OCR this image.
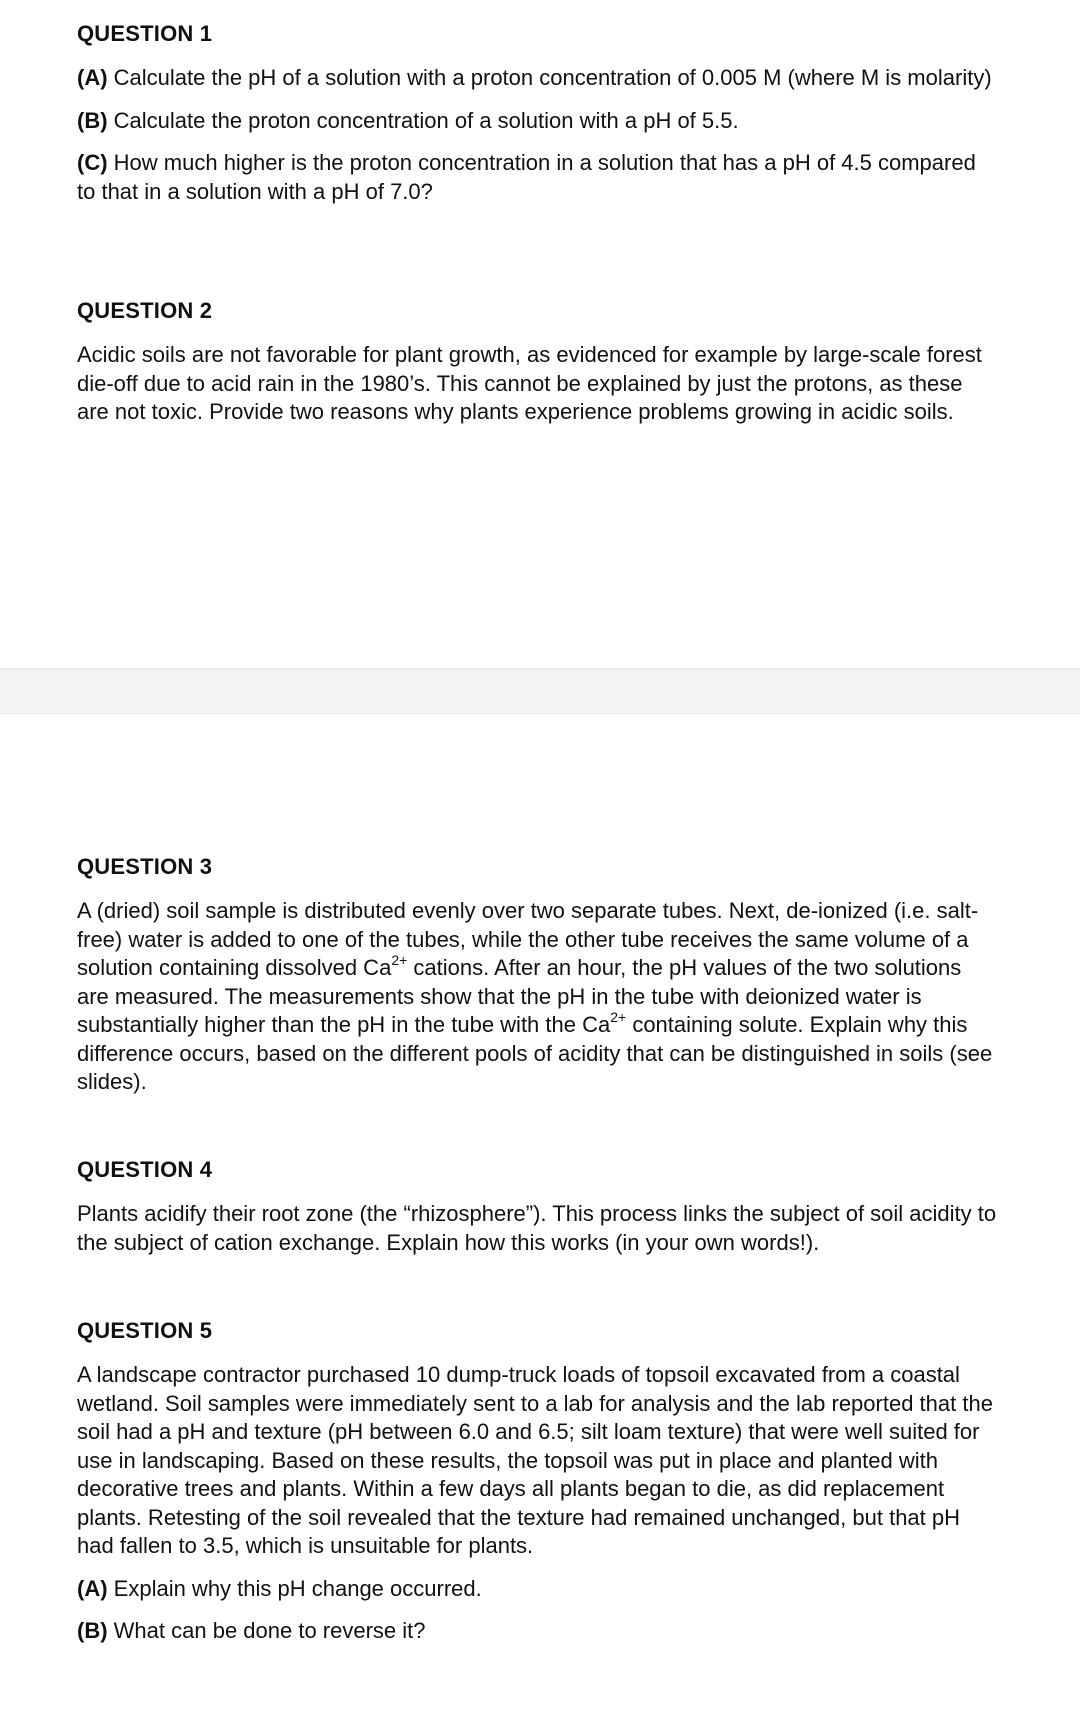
QUESTION 1

(A) Calculate the pH of a solution with a proton concentration of 0.005 M (where M is molarity)

(B) Calculate the proton concentration of a solution with a pH of 5.5.

(C) How much higher is the proton concentration in a solution that has a pH of 4.5 compared to that in a solution with a pH of 7.0?

QUESTION 2

Acidic soils are not favorable for plant growth, as evidenced for example by large-scale forest die-off due to acid rain in the 1980’s. This cannot be explained by just the protons, as these are not toxic. Provide two reasons why plants experience problems growing in acidic soils.

QUESTION 3

A (dried) soil sample is distributed evenly over two separate tubes. Next, de-ionized (i.e. salt-free) water is added to one of the tubes, while the other tube receives the same volume of a solution containing dissolved $Ca^{2+}$ cations. After an hour, the pH values of the two solutions are measured. The measurements show that the pH in the tube with deionized water is substantially higher than the pH in the tube with the $Ca^{2+}$ containing solute. Explain why this difference occurs, based on the different pools of acidity that can be distinguished in soils (see slides).

QUESTION 4

Plants acidify their root zone (the “rhizosphere”). This process links the subject of soil acidity to the subject of cation exchange. Explain how this works (in your own words!).

QUESTION 5

A landscape contractor purchased 10 dump-truck loads of topsoil excavated from a coastal wetland. Soil samples were immediately sent to a lab for analysis and the lab reported that the soil had a pH and texture (pH between 6.0 and 6.5; silt loam texture) that were well suited for use in landscaping. Based on these results, the topsoil was put in place and planted with decorative trees and plants. Within a few days all plants began to die, as did replacement plants. Retesting of the soil revealed that the texture had remained unchanged, but that pH had fallen to 3.5, which is unsuitable for plants.

(A) Explain why this pH change occurred.

(B) What can be done to reverse it?
